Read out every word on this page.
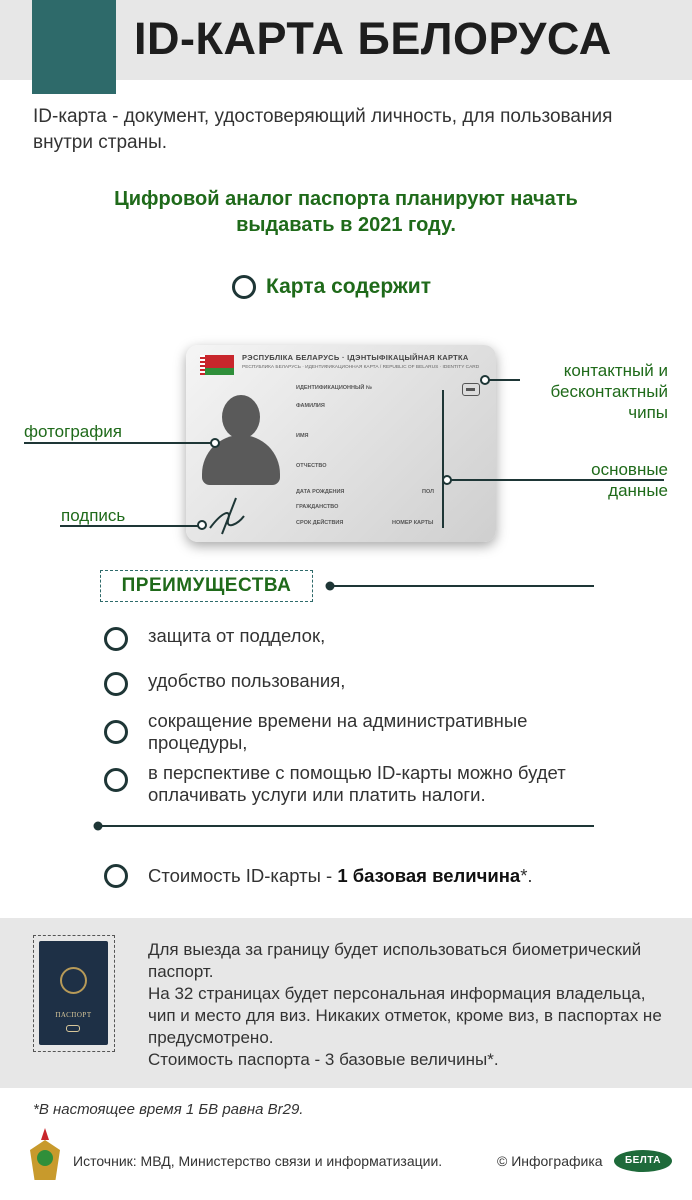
ID-КАРТА БЕЛОРУСА

ID-карта - документ, удостоверяющий личность, для пользования внутри страны.

Цифровой аналог паспорта планируют начать
выдавать в 2021 году.
Карта содержит
РЭСПУБЛІКА БЕЛАРУСЬ · ІДЭНТЫФІКАЦЫЙНАЯ КАРТКА
РЕСПУБЛИКА БЕЛАРУСЬ · ИДЕНТИФИКАЦИОННАЯ КАРТА / REPUBLIC OF BELARUS · IDENTITY CARD
ИДЕНТИФИКАЦИОННЫЙ №
ФАМИЛИЯ
ИМЯ
ОТЧЕСТВО
ДАТА РОЖДЕНИЯ	ПОЛ
ГРАЖДАНСТВО
СРОК ДЕЙСТВИЯ	НОМЕР КАРТЫ
фотография
подпись
контактный и
бесконтактный
чипы
основные
данные
ПРЕИМУЩЕСТВА
защита от подделок,
удобство пользования,
сокращение времени на административные процедуры,
в перспективе с помощью ID-карты можно будет оплачивать услуги или платить налоги.
Стоимость ID-карты - 1 базовая величина*.
ПАСПОРТ

Для выезда за границу будет использоваться биометрический паспорт.

На 32 страницах будет персональная информация владельца, чип и место для виз. Никаких отметок, кроме виз, в паспортах не предусмотрено.

Стоимость паспорта - 3 базовые величины*.

*В настоящее время 1 БВ равна Br29.
Источник: МВД, Министерство связи и информатизации.	© Инфографика	БЕЛТА
